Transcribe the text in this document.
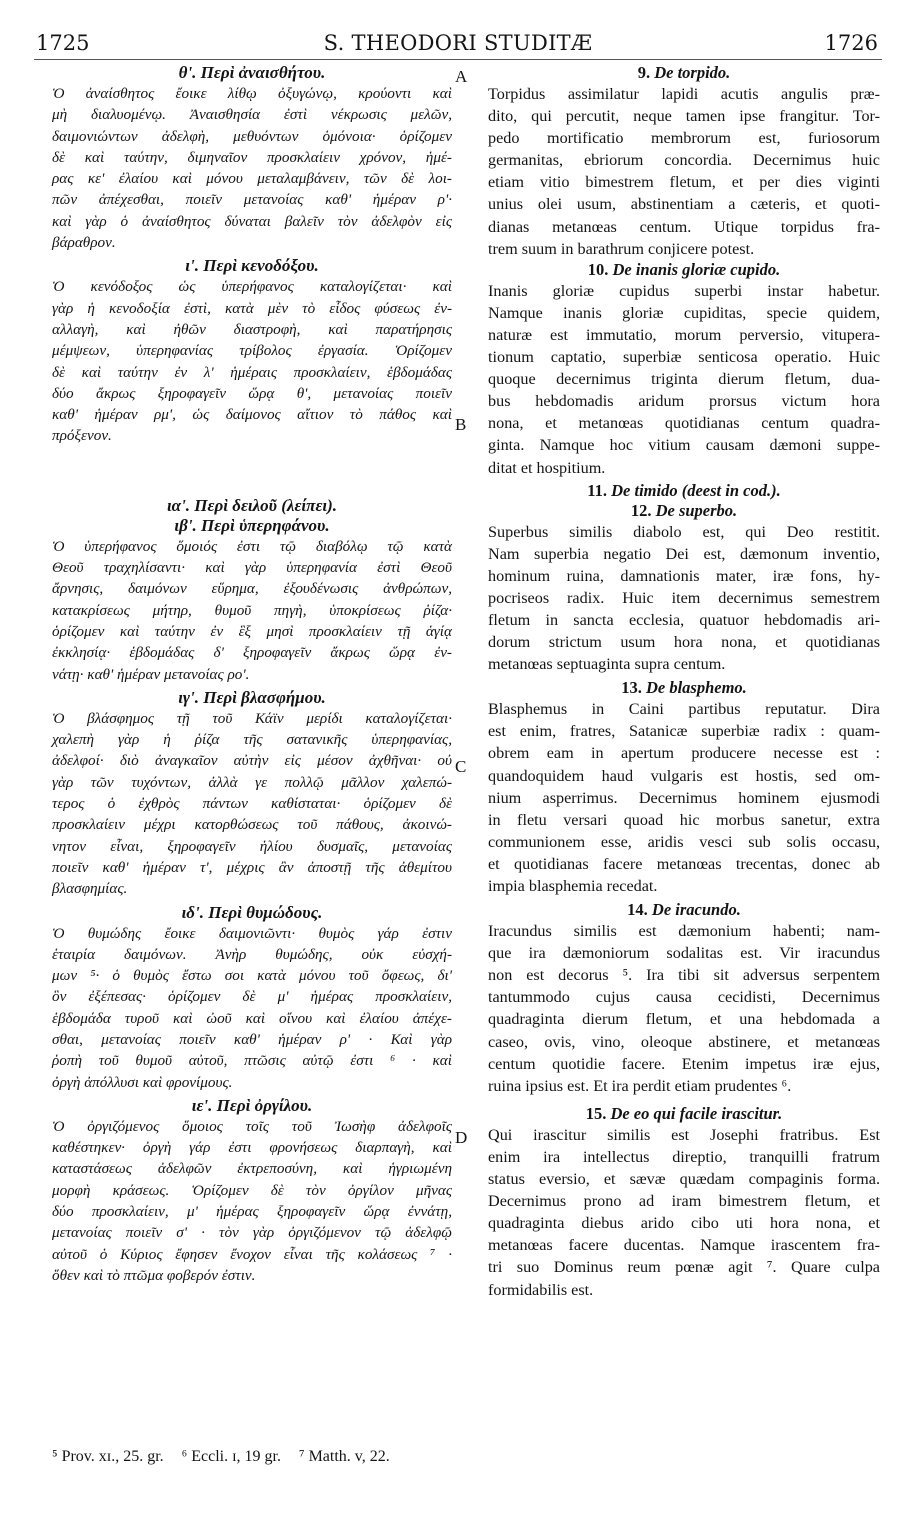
1725	S. THEODORI STUDITÆ	1726
A
B
C
D

θ'. Περὶ ἀναισθήτου.

Ὁ ἀναίσθητος ἔοικε λίθῳ ὀξυγώνῳ, κρούοντι καὶ
μὴ διαλυομένῳ. Ἀναισθησία ἐστὶ νέκρωσις μελῶν,
δαιμονιώντων ἀδελφὴ, μεθυόντων ὁμόνοια· ὁρίζομεν
δὲ καὶ ταύτην, διμηναῖον προσκλαίειν χρόνον, ἡμέ-
ρας κε' ἐλαίου καὶ μόνου μεταλαμβάνειν, τῶν δὲ λοι-
πῶν ἀπέχεσθαι, ποιεῖν μετανοίας καθ' ἡμέραν ρ'·
καὶ γὰρ ὁ ἀναίσθητος δύναται βαλεῖν τὸν ἀδελφὸν εἰς
βάραθρον.

ι'. Περὶ κενοδόξου.

Ὁ κενόδοξος ὡς ὑπερήφανος καταλογίζεται· καὶ
γὰρ ἡ κενοδοξία ἐστὶ, κατὰ μὲν τὸ εἶδος φύσεως ἐν-
αλλαγὴ, καὶ ἠθῶν διαστροφὴ, καὶ παρατήρησις
μέμψεων, ὑπερηφανίας τρίβολος ἐργασία. Ὁρίζομεν
δὲ καὶ ταύτην ἐν λ' ἡμέραις προσκλαίειν, ἑβδομάδας
δύο ἄκρως ξηροφαγεῖν ὥρᾳ θ', μετανοίας ποιεῖν
καθ' ἡμέραν ρμ', ὡς δαίμονος αἴτιον τὸ πάθος καὶ
πρόξενον.

ια'. Περὶ δειλοῦ (λείπει).

ιβ'. Περὶ ὑπερηφάνου.

Ὁ ὑπερήφανος ὅμοιός ἐστι τῷ διαβόλῳ τῷ κατὰ
Θεοῦ τραχηλίσαντι· καὶ γὰρ ὑπερηφανία ἐστὶ Θεοῦ
ἄρνησις, δαιμόνων εὕρημα, ἐξουδένωσις ἀνθρώπων,
κατακρίσεως μήτηρ, θυμοῦ πηγὴ, ὑποκρίσεως ῥίζα·
ὁρίζομεν καὶ ταύτην ἐν ἓξ μησὶ προσκλαίειν τῇ ἁγίᾳ
ἐκκλησίᾳ· ἑβδομάδας δ' ξηροφαγεῖν ἄκρως ὥρᾳ ἐν-
νάτῃ· καθ' ἡμέραν μετανοίας ρο'.

ιγ'. Περὶ βλασφήμου.

Ὁ βλάσφημος τῇ τοῦ Κάϊν μερίδι καταλογίζεται·
χαλεπὴ γὰρ ἡ ῥίζα τῆς σατανικῆς ὑπερηφανίας,
ἀδελφοί· διὸ ἀναγκαῖον αὐτὴν εἰς μέσον ἀχθῆναι· οὐ
γὰρ τῶν τυχόντων, ἀλλὰ γε πολλῷ μᾶλλον χαλεπώ-
τερος ὁ ἐχθρὸς πάντων καθίσταται· ὁρίζομεν δὲ
προσκλαίειν μέχρι κατορθώσεως τοῦ πάθους, ἀκοινώ-
νητον εἶναι, ξηροφαγεῖν ἡλίου δυσμαῖς, μετανοίας
ποιεῖν καθ' ἡμέραν τ', μέχρις ἂν ἀποστῇ τῆς ἀθεμίτου
βλασφημίας.

ιδ'. Περὶ θυμώδους.

Ὁ θυμώδης ἔοικε δαιμονιῶντι· θυμὸς γάρ ἐστιν
ἑταιρία δαιμόνων. Ἀνὴρ θυμώδης, οὐκ εὐσχή-
μων ⁵· ὁ θυμὸς ἔστω σοι κατὰ μόνου τοῦ ὄφεως, δι'
ὃν ἐξέπεσας· ὁρίζομεν δὲ μ' ἡμέρας προσκλαίειν,
ἑβδομάδα τυροῦ καὶ ὠοῦ καὶ οἴνου καὶ ἐλαίου ἀπέχε-
σθαι, μετανοίας ποιεῖν καθ' ἡμέραν ρ' · Καὶ γὰρ
ῥοπὴ τοῦ θυμοῦ αὐτοῦ, πτῶσις αὐτῷ ἐστι ⁶ · καὶ
ὀργὴ ἀπόλλυσι καὶ φρονίμους.

ιε'. Περὶ ὀργίλου.

Ὁ ὀργιζόμενος ὅμοιος τοῖς τοῦ Ἰωσὴφ ἀδελφοῖς
καθέστηκεν· ὀργὴ γάρ ἐστι φρονήσεως διαρπαγὴ, καὶ
καταστάσεως ἀδελφῶν ἐκτρεποσύνη, καὶ ἡγριωμένη
μορφὴ κράσεως. Ὁρίζομεν δὲ τὸν ὀργίλον μῆνας
δύο προσκλαίειν, μ' ἡμέρας ξηροφαγεῖν ὥρᾳ ἐννάτῃ,
μετανοίας ποιεῖν σ' · τὸν γὰρ ὀργιζόμενον τῷ ἀδελφῷ
αὐτοῦ ὁ Κύριος ἔφησεν ἔνοχον εἶναι τῆς κολάσεως ⁷ ·
ὅθεν καὶ τὸ πτῶμα φοβερόν ἐστιν.

9. De torpido.

Torpidus assimilatur lapidi acutis angulis præ-
dito, qui percutit, neque tamen ipse frangitur. Tor-
pedo mortificatio membrorum est, furiosorum
germanitas, ebriorum concordia. Decernimus huic
etiam vitio bimestrem fletum, et per dies viginti
unius olei usum, abstinentiam a cæteris, et quoti-
dianas metanœas centum. Utique torpidus fra-
trem suum in barathrum conjicere potest.

10. De inanis gloriæ cupido.

Inanis gloriæ cupidus superbi instar habetur.
Namque inanis gloriæ cupiditas, specie quidem,
naturæ est immutatio, morum perversio, vitupera-
tionum captatio, superbiæ senticosa operatio. Huic
quoque decernimus triginta dierum fletum, dua-
bus hebdomadis aridum prorsus victum hora
nona, et metanœas quotidianas centum quadra-
ginta. Namque hoc vitium causam dæmoni suppe-
ditat et hospitium.

11. De timido (deest in cod.).

12. De superbo.

Superbus similis diabolo est, qui Deo restitit.
Nam superbia negatio Dei est, dæmonum inventio,
hominum ruina, damnationis mater, iræ fons, hy-
pocriseos radix. Huic item decernimus semestrem
fletum in sancta ecclesia, quatuor hebdomadis ari-
dorum strictum usum hora nona, et quotidianas
metanœas septuaginta supra centum.

13. De blasphemo.

Blasphemus in Caini partibus reputatur. Dira
est enim, fratres, Satanicæ superbiæ radix : quam-
obrem eam in apertum producere necesse est :
quandoquidem haud vulgaris est hostis, sed om-
nium asperrimus. Decernimus hominem ejusmodi
in fletu versari quoad hic morbus sanetur, extra
communionem esse, aridis vesci sub solis occasu,
et quotidianas facere metanœas trecentas, donec ab
impia blasphemia recedat.

14. De iracundo.

Iracundus similis est dæmonium habenti; nam-
que ira dæmoniorum sodalitas est. Vir iracundus
non est decorus ⁵. Ira tibi sit adversus serpentem
tantummodo cujus causa cecidisti, Decernimus
quadraginta dierum fletum, et una hebdomada a
caseo, ovis, vino, oleoque abstinere, et metanœas
centum quotidie facere. Etenim impetus iræ ejus,
ruina ipsius est. Et ira perdit etiam prudentes ⁶.

15. De eo qui facile irascitur.

Qui irascitur similis est Josephi fratribus. Est
enim ira intellectus direptio, tranquilli fratrum
status eversio, et sævæ quædam compaginis forma.
Decernimus prono ad iram bimestrem fletum, et
quadraginta diebus arido cibo uti hora nona, et
metanœas facere ducentas. Namque irascentem fra-
tri suo Dominus reum pœnæ agit ⁷. Quare culpa
formidabilis est.
⁵ Prov. xɪ., 25. gr. ⁶ Eccli. ɪ, 19 gr. ⁷ Matth. v, 22.
